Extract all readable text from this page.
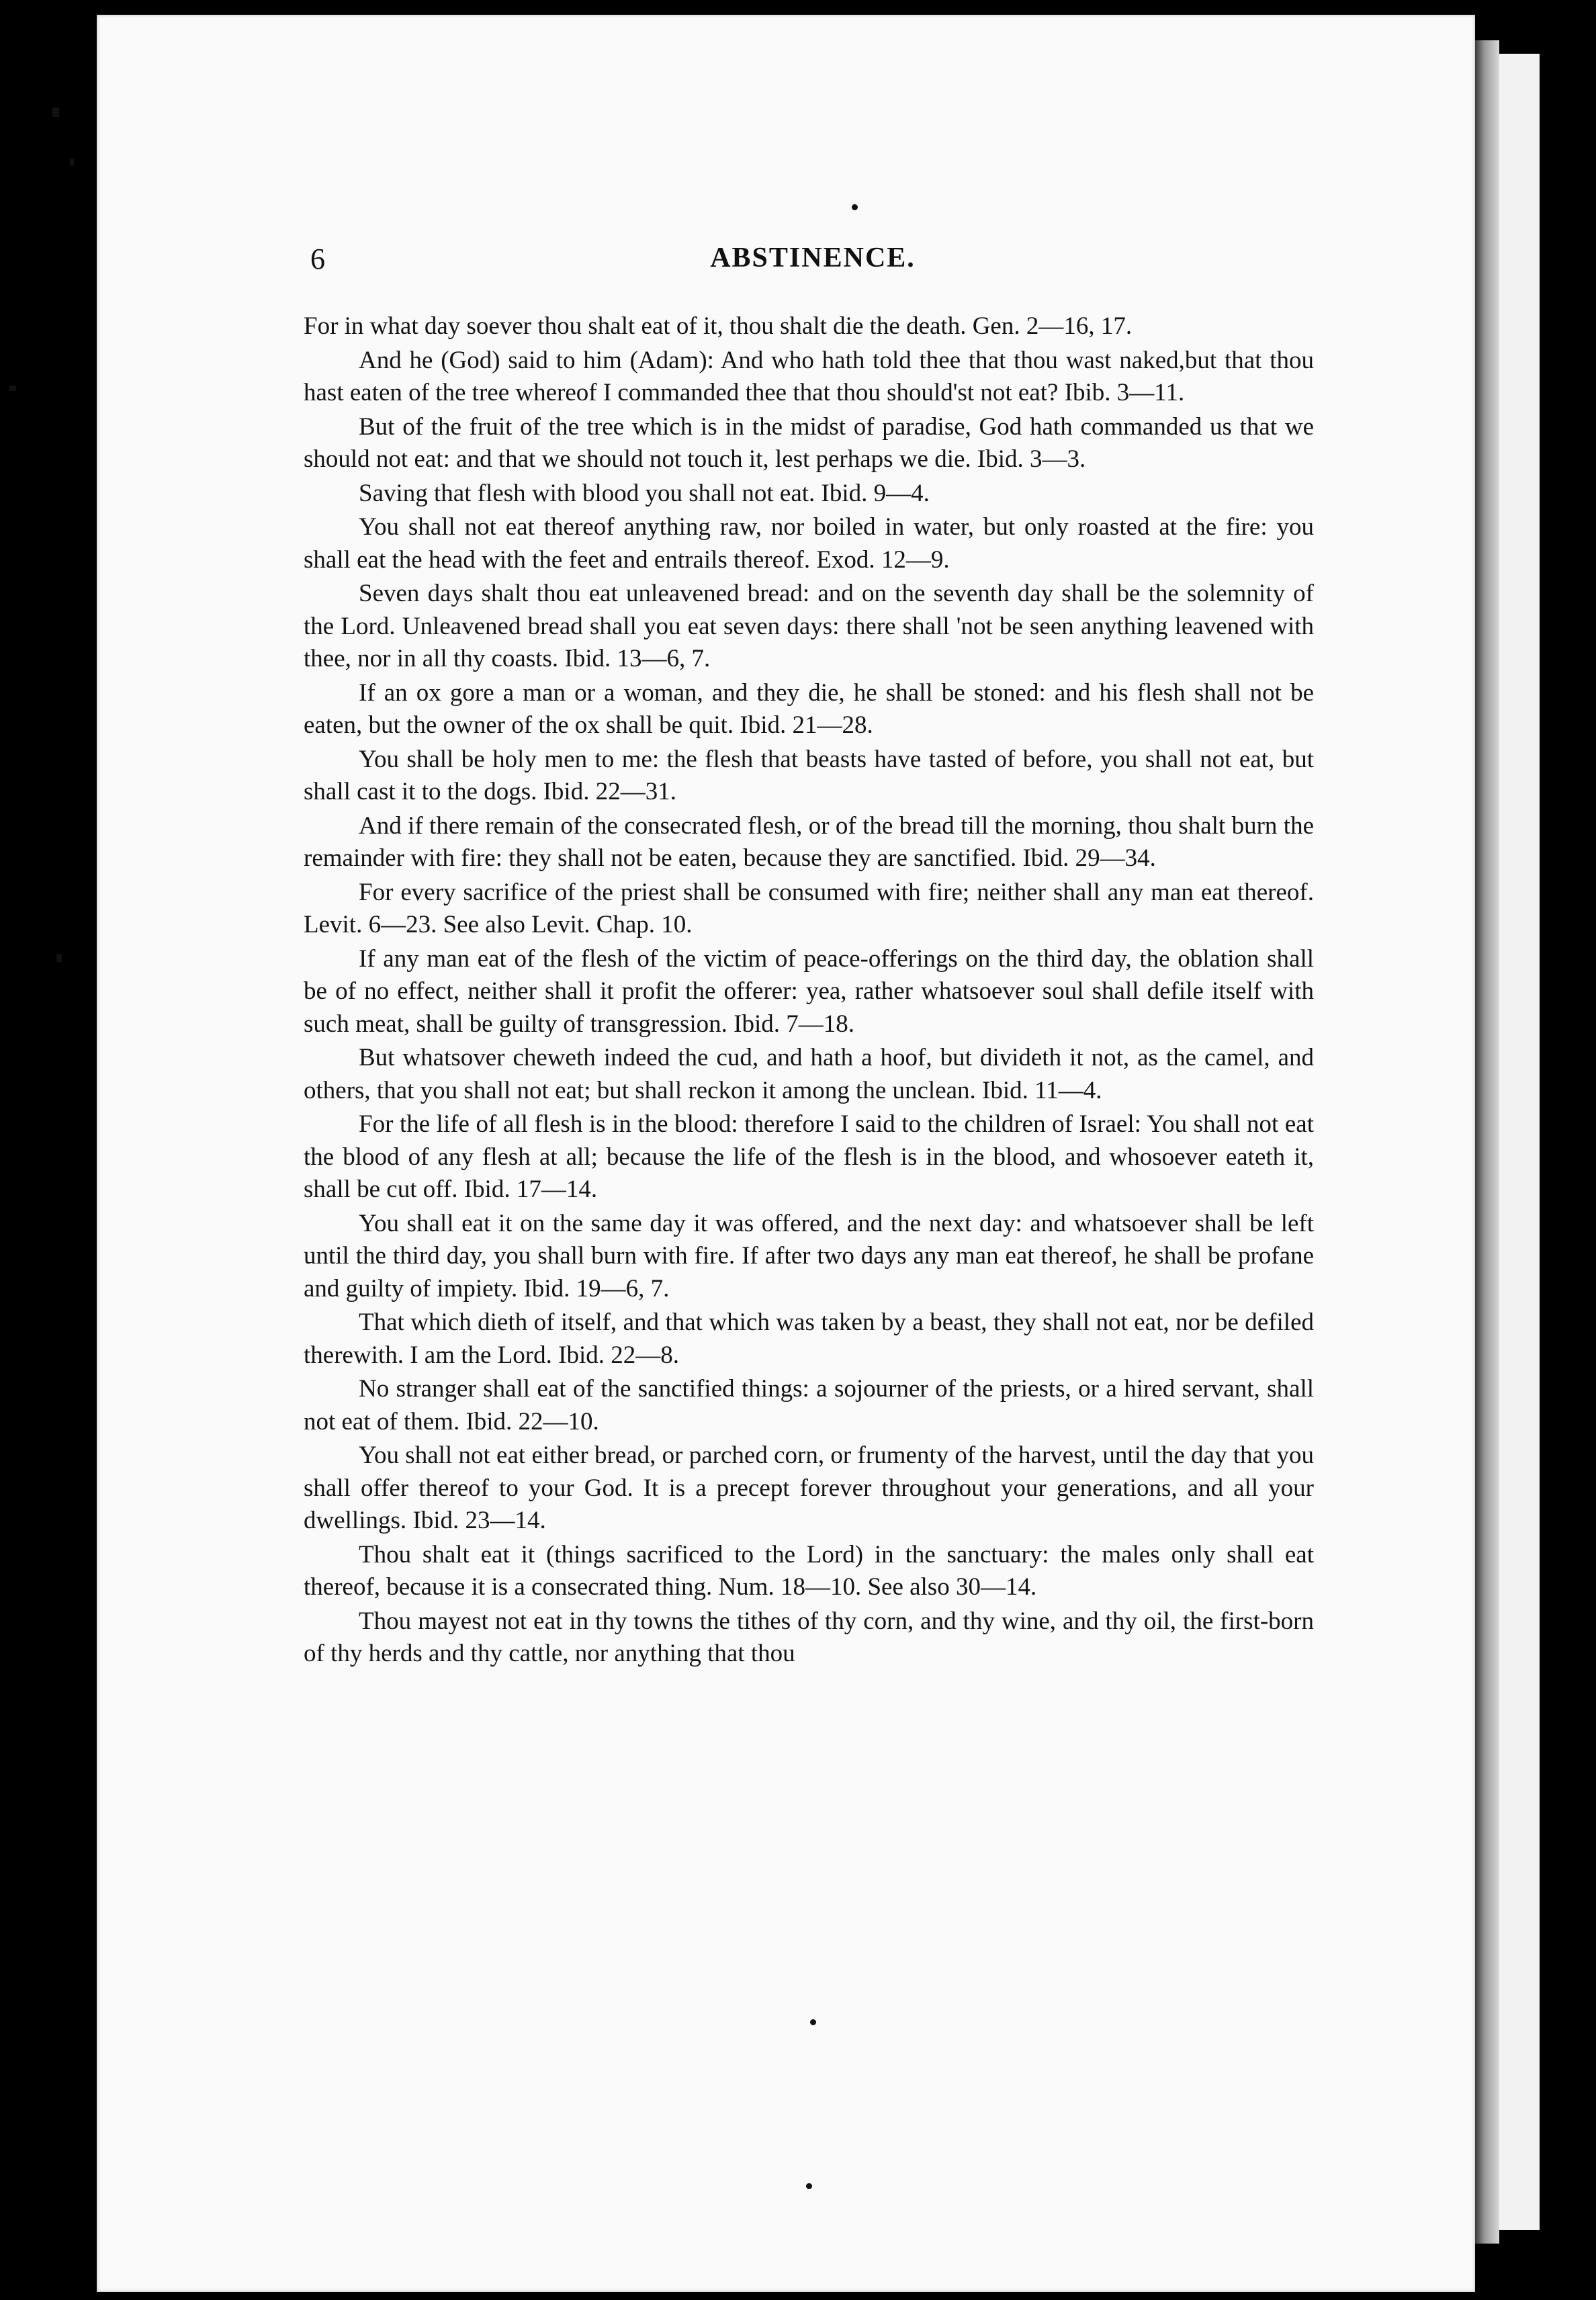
6	ABSTINENCE.

For in what day soever thou shalt eat of it, thou shalt die the death. Gen. 2—16, 17.

And he (God) said to him (Adam): And who hath told thee that thou wast naked,but that thou hast eaten of the tree whereof I commanded thee that thou should'st not eat? Ibib. 3—11.

But of the fruit of the tree which is in the midst of paradise, God hath commanded us that we should not eat: and that we should not touch it, lest perhaps we die. Ibid. 3—3.

Saving that flesh with blood you shall not eat. Ibid. 9—4.

You shall not eat thereof anything raw, nor boiled in water, but only roasted at the fire: you shall eat the head with the feet and entrails thereof. Exod. 12—9.

Seven days shalt thou eat unleavened bread: and on the seventh day shall be the solemnity of the Lord. Unleavened bread shall you eat seven days: there shall 'not be seen anything leavened with thee, nor in all thy coasts. Ibid. 13—6, 7.

If an ox gore a man or a woman, and they die, he shall be stoned: and his flesh shall not be eaten, but the owner of the ox shall be quit. Ibid. 21—28.

You shall be holy men to me: the flesh that beasts have tasted of before, you shall not eat, but shall cast it to the dogs. Ibid. 22—31.

And if there remain of the consecrated flesh, or of the bread till the morning, thou shalt burn the remainder with fire: they shall not be eaten, because they are sanctified. Ibid. 29—34.

For every sacrifice of the priest shall be consumed with fire; neither shall any man eat thereof. Levit. 6—23. See also Levit. Chap. 10.

If any man eat of the flesh of the victim of peace-offerings on the third day, the oblation shall be of no effect, neither shall it profit the offerer: yea, rather whatsoever soul shall defile itself with such meat, shall be guilty of transgression. Ibid. 7—18.

But whatsover cheweth indeed the cud, and hath a hoof, but divideth it not, as the camel, and others, that you shall not eat; but shall reckon it among the unclean. Ibid. 11—4.

For the life of all flesh is in the blood: therefore I said to the children of Israel: You shall not eat the blood of any flesh at all; because the life of the flesh is in the blood, and whosoever eateth it, shall be cut off. Ibid. 17—14.

You shall eat it on the same day it was offered, and the next day: and whatsoever shall be left until the third day, you shall burn with fire. If after two days any man eat thereof, he shall be profane and guilty of impiety. Ibid. 19—6, 7.

That which dieth of itself, and that which was taken by a beast, they shall not eat, nor be defiled therewith. I am the Lord. Ibid. 22—8.

No stranger shall eat of the sanctified things: a sojourner of the priests, or a hired servant, shall not eat of them. Ibid. 22—10.

You shall not eat either bread, or parched corn, or frumenty of the harvest, until the day that you shall offer thereof to your God. It is a precept forever throughout your generations, and all your dwellings. Ibid. 23—14.

Thou shalt eat it (things sacrificed to the Lord) in the sanctuary: the males only shall eat thereof, because it is a consecrated thing. Num. 18—10. See also 30—14.

Thou mayest not eat in thy towns the tithes of thy corn, and thy wine, and thy oil, the first-born of thy herds and thy cattle, nor anything that thou
